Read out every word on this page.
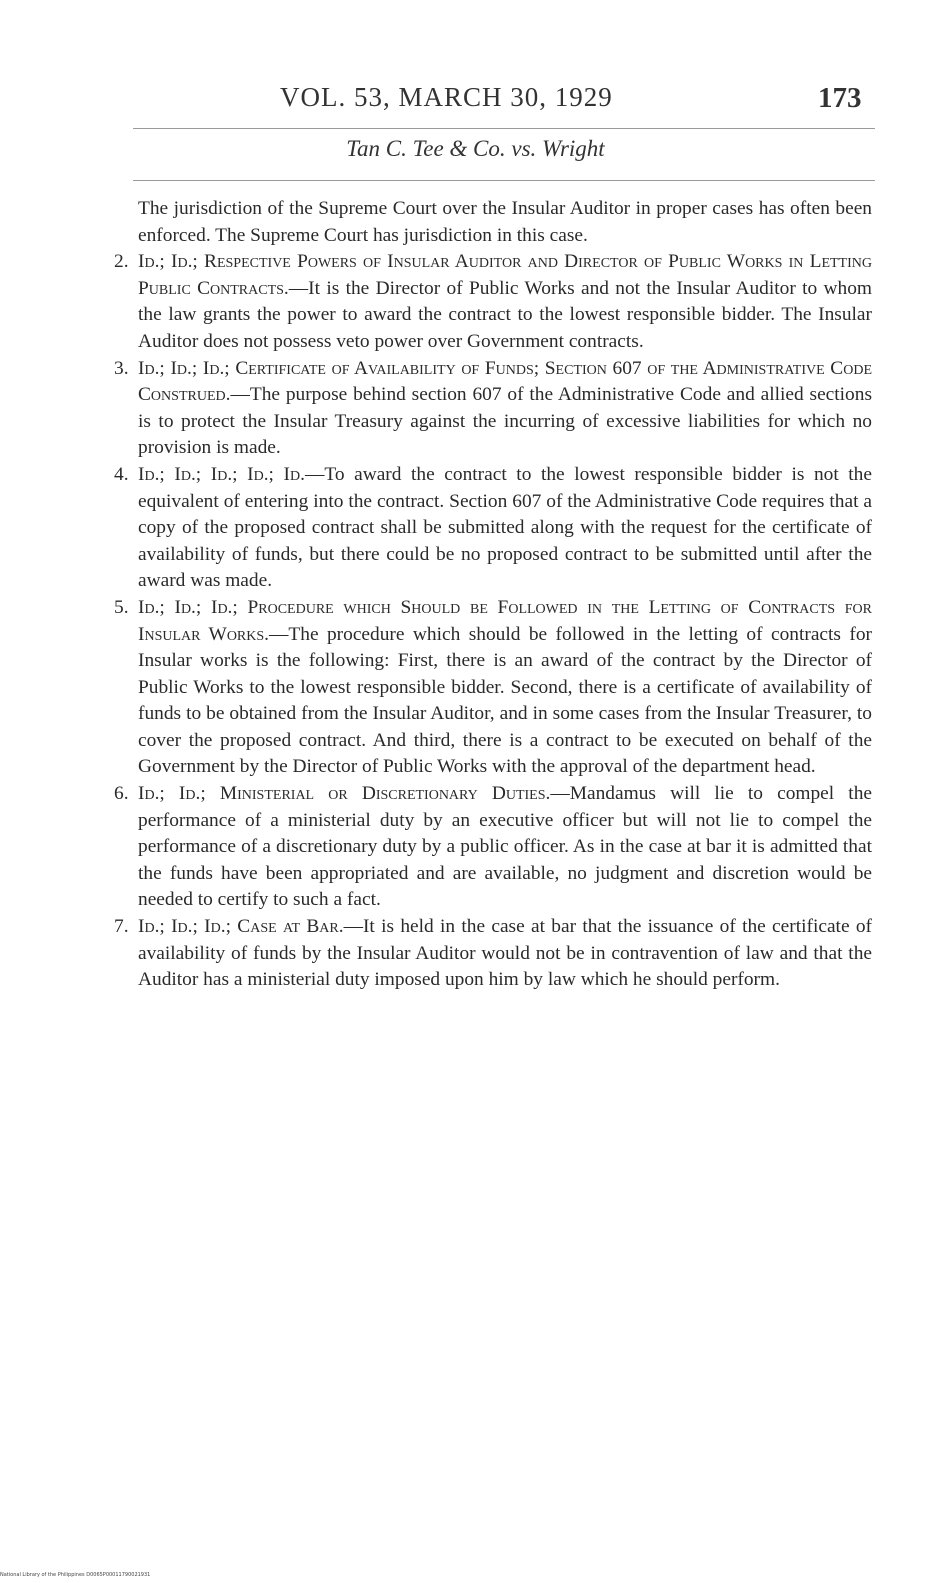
VOL. 53, MARCH 30, 1929	173
Tan C. Tee & Co. vs. Wright

The jurisdiction of the Supreme Court over the Insular Auditor in proper cases has often been enforced. The Supreme Court has jurisdiction in this case.

2. Id.; Id.; Respective Powers of Insular Auditor and Director of Public Works in Letting Public Contracts.—It is the Director of Public Works and not the Insular Auditor to whom the law grants the power to award the contract to the lowest responsible bidder. The Insular Auditor does not possess veto power over Government contracts.

3. Id.; Id.; Id.; Certificate of Availability of Funds; Section 607 of the Administrative Code Construed.—The purpose behind section 607 of the Administrative Code and allied sections is to protect the Insular Treasury against the incurring of excessive liabilities for which no provision is made.

4. Id.; Id.; Id.; Id.; Id.—To award the contract to the lowest responsible bidder is not the equivalent of entering into the contract. Section 607 of the Administrative Code requires that a copy of the proposed contract shall be submitted along with the request for the certificate of availability of funds, but there could be no proposed contract to be submitted until after the award was made.

5. Id.; Id.; Id.; Procedure which Should be Followed in the Letting of Contracts for Insular Works.—The procedure which should be followed in the letting of contracts for Insular works is the following: First, there is an award of the contract by the Director of Public Works to the lowest responsible bidder. Second, there is a certificate of availability of funds to be obtained from the Insular Auditor, and in some cases from the Insular Treasurer, to cover the proposed contract. And third, there is a contract to be executed on behalf of the Government by the Director of Public Works with the approval of the department head.

6. Id.; Id.; Ministerial or Discretionary Duties.—Mandamus will lie to compel the performance of a ministerial duty by an executive officer but will not lie to compel the performance of a discretionary duty by a public officer. As in the case at bar it is admitted that the funds have been appropriated and are available, no judgment and discretion would be needed to certify to such a fact.

7. Id.; Id.; Id.; Case at Bar.—It is held in the case at bar that the issuance of the certificate of availability of funds by the Insular Auditor would not be in contravention of law and that the Auditor has a ministerial duty imposed upon him by law which he should perform.

National Library of the Philippines D0065P00011790021931
